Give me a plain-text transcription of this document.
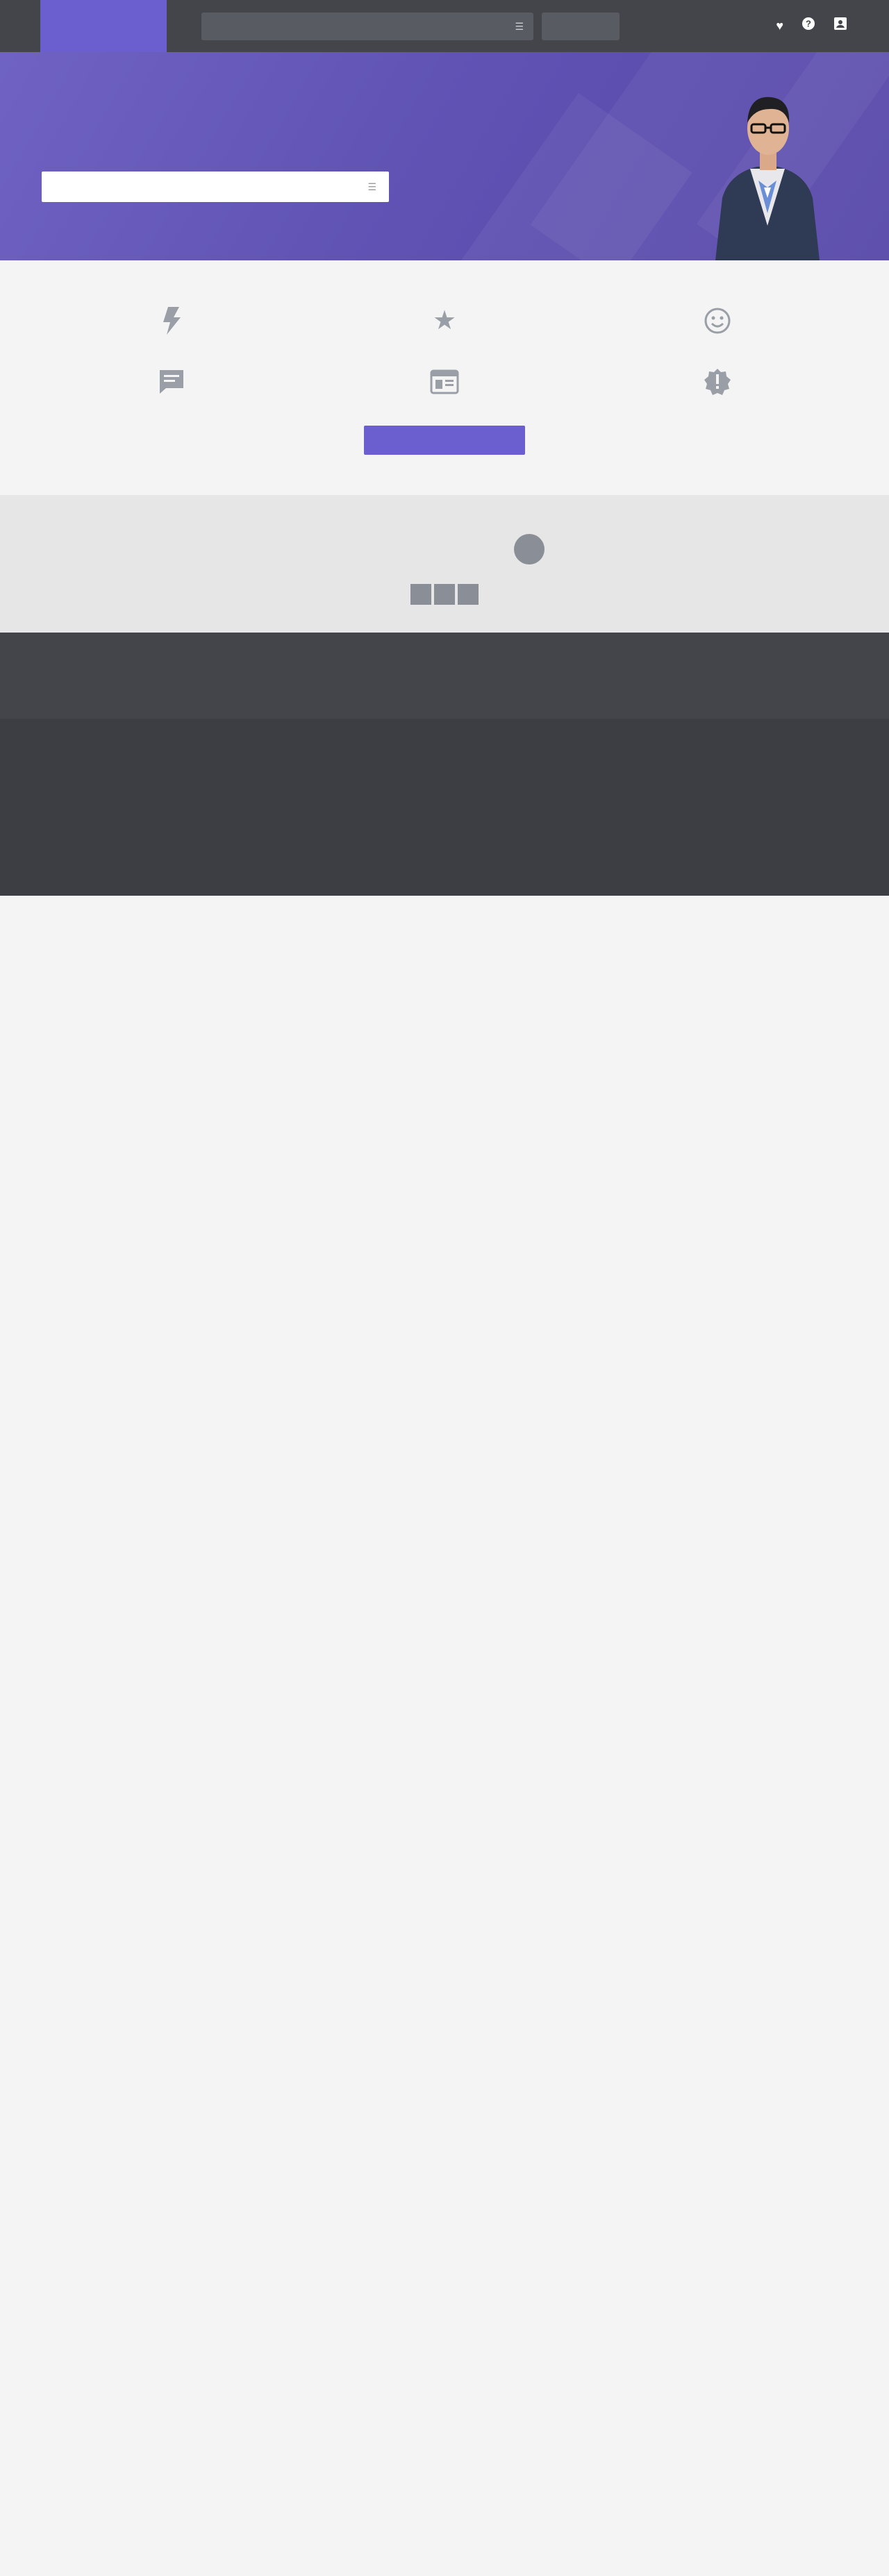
☰	♥ ?

☰

★
